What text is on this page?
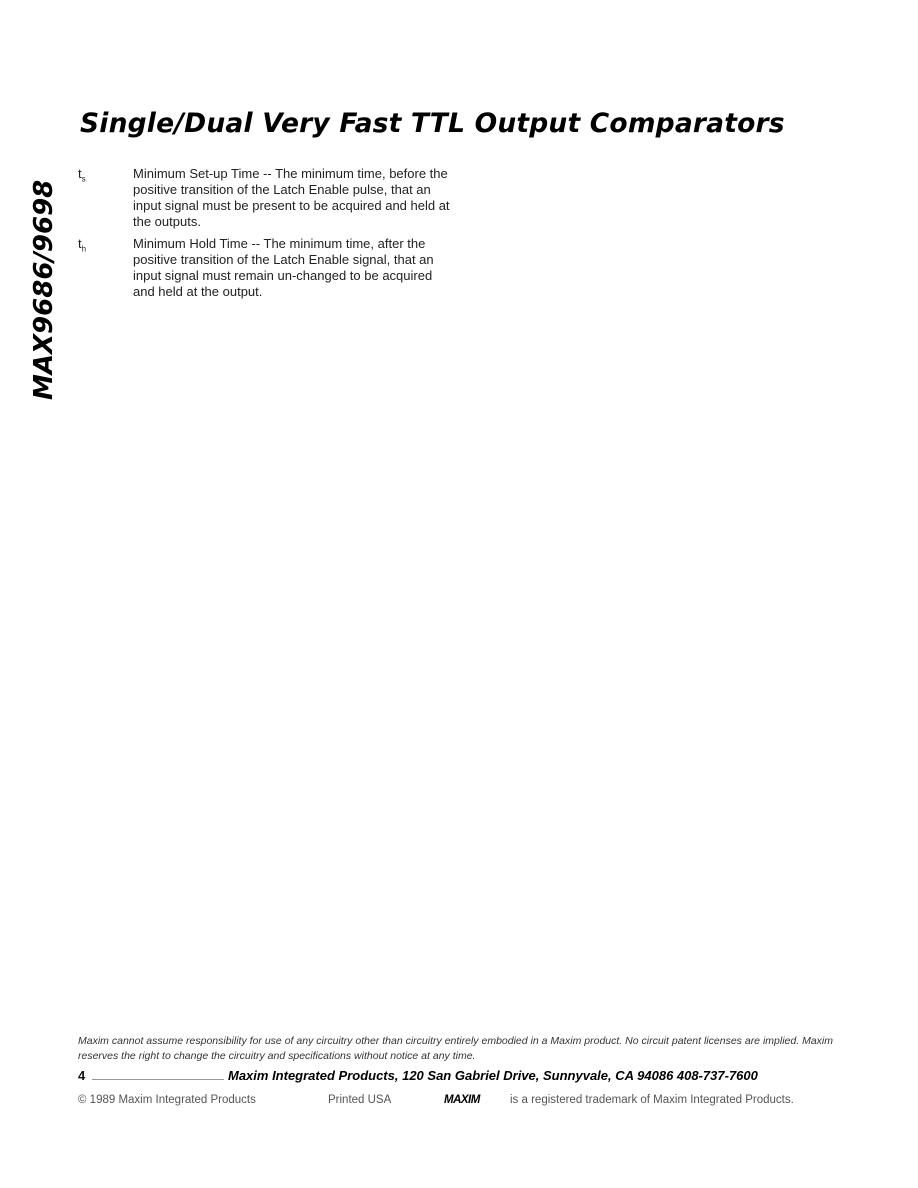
Single/Dual Very Fast TTL Output Comparators
MAX9686/9698
$t_s$	Minimum Set-up Time -- The minimum time, before the positive transition of the Latch Enable pulse, that an input signal must be present to be acquired and held at the outputs.
$t_h$	Minimum Hold Time -- The minimum time, after the positive transition of the Latch Enable signal, that an input signal must remain un-changed to be acquired and held at the output.
Maxim cannot assume responsibility for use of any circuitry other than circuitry entirely embodied in a Maxim product. No circuit patent licenses are implied. Maxim reserves the right to change the circuitry and specifications without notice at any time.
4	Maxim Integrated Products, 120 San Gabriel Drive, Sunnyvale, CA 94086 408-737-7600
© 1989 Maxim Integrated Products	Printed USA	MAXIM	is a registered trademark of Maxim Integrated Products.
